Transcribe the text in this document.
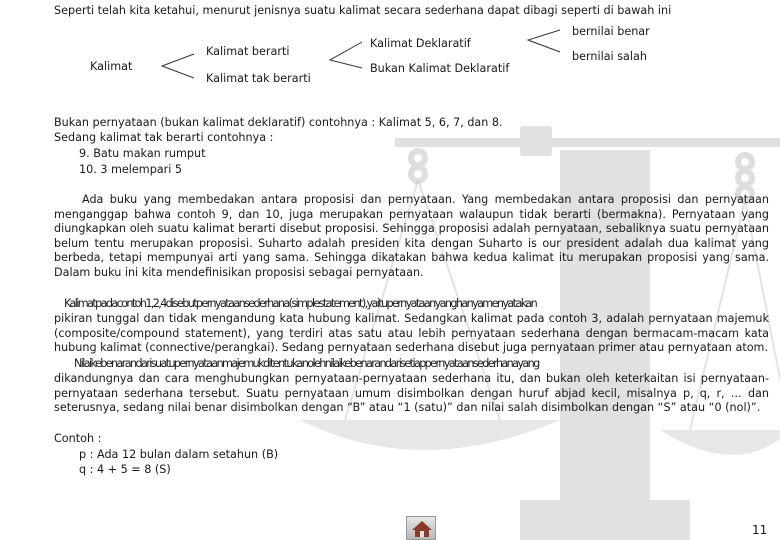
Seperti telah kita ketahui, menurut jenisnya suatu kalimat secara sederhana dapat dibagi seperti di bawah ini
Kalimat
Kalimat berarti
Kalimat tak berarti
Kalimat Deklaratif
Bukan Kalimat Deklaratif
bernilai benar
bernilai salah
Bukan pernyataan (bukan kalimat deklaratif) contohnya : Kalimat 5, 6, 7, dan 8.
Sedang kalimat tak berarti contohnya :
9. Batu makan rumput
10. 3 melempari 5

Ada buku yang membedakan antara proposisi dan pernyataan. Yang membedakan antara proposisi dan pernyataan menganggap bahwa contoh 9, dan 10, juga merupakan pernyataan walaupun tidak berarti (bermakna). Pernyataan yang diungkapkan oleh suatu kalimat berarti disebut proposisi. Sehingga proposisi adalah pernyataan, sebaliknya suatu pernyataan belum tentu merupakan proposisi. Suharto adalah presiden kita dengan Suharto is our president adalah dua kalimat yang berbeda, tetapi mempunyai arti yang sama. Sehingga dikatakan bahwa kedua kalimat itu merupakan proposisi yang sama. Dalam buku ini kita mendefinisikan proposisi sebagai pernyataan.

Kalimat pada contoh 1, 2, 4 disebut pernyataan sederhana (simple statement), yaitu pernyataan yang hanya menyatakan

pikiran tunggal dan tidak mengandung kata hubung kalimat. Sedangkan kalimat pada contoh 3, adalah pernyataan majemuk (composite/compound statement), yang terdiri atas satu atau lebih pernyataan sederhana dengan bermacam-macam kata hubung kalimat (connective/perangkai). Sedang pernyataan sederhana disebut juga pernyataan primer atau pernyataan atom.

Nilai kebenaran dari suatu pernyataan majemuk ditentukan oleh nilai kebenaran dari setiap pernyataan sederhana yang

dikandungnya dan cara menghubungkan pernyataan-pernyataan sederhana itu, dan bukan oleh keterkaitan isi pernyataan-pernyataan sederhana tersebut. Suatu pernyataan umum disimbolkan dengan huruf abjad kecil, misalnya p, q, r, … dan seterusnya, sedang nilai benar disimbolkan dengan “B” atau “1 (satu)” dan nilai salah disimbolkan dengan “S” atau “0 (nol)”.

Contoh :
p : Ada 12 bulan dalam setahun (B)
q : 4 + 5 = 8 (S)
11
